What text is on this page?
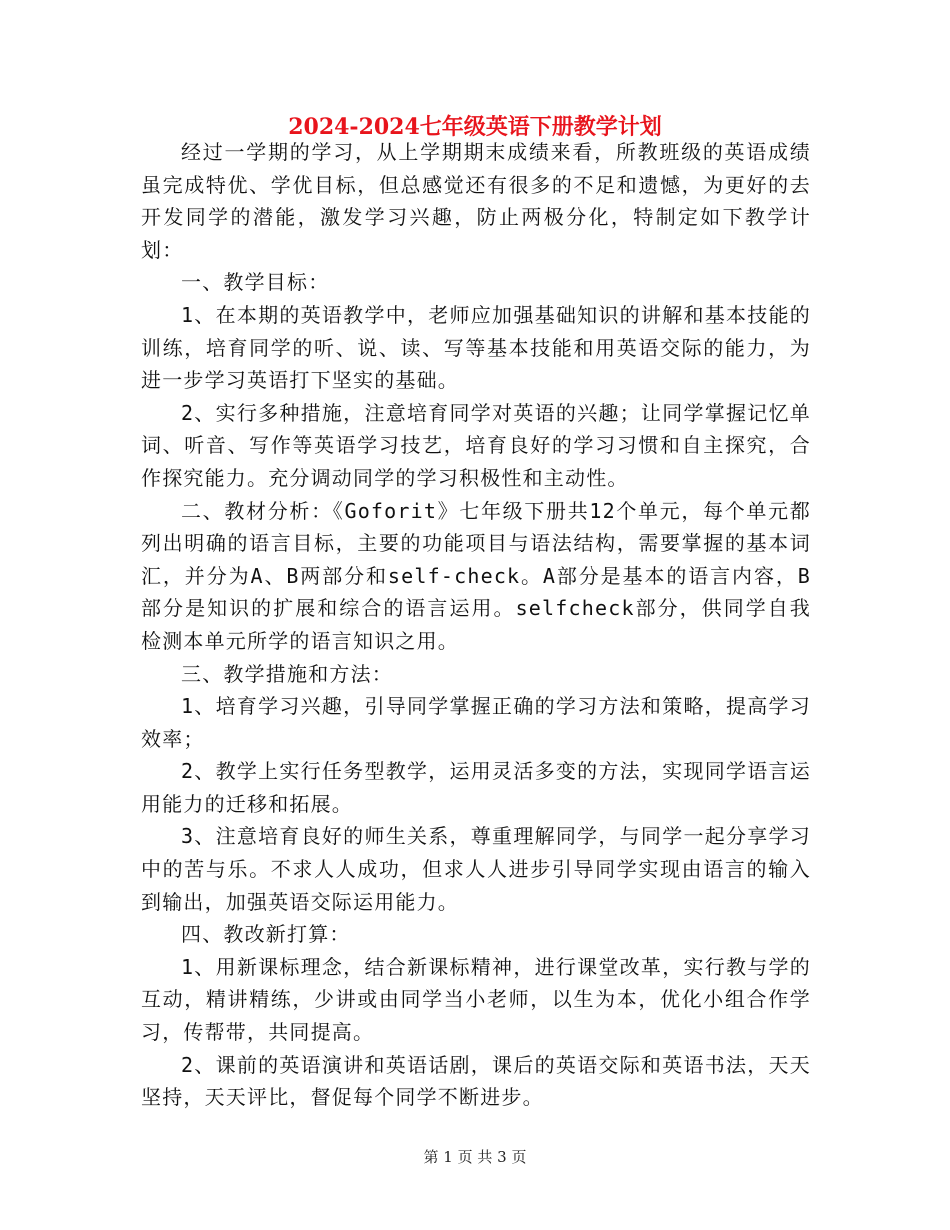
2024-2024七年级英语下册教学计划

经过一学期的学习，从上学期期末成绩来看，所教班级的英语成绩虽完成特优、学优目标，但总感觉还有很多的不足和遗憾，为更好的去开发同学的潜能，激发学习兴趣，防止两极分化，特制定如下教学计划：

一、教学目标：

1、在本期的英语教学中，老师应加强基础知识的讲解和基本技能的训练，培育同学的听、说、读、写等基本技能和用英语交际的能力，为进一步学习英语打下坚实的基础。

2、实行多种措施，注意培育同学对英语的兴趣；让同学掌握记忆单词、听音、写作等英语学习技艺，培育良好的学习习惯和自主探究，合作探究能力。充分调动同学的学习积极性和主动性。

二、教材分析：《Goforit》七年级下册共12个单元，每个单元都列出明确的语言目标，主要的功能项目与语法结构，需要掌握的基本词汇，并分为A、B两部分和self-check。A部分是基本的语言内容，B部分是知识的扩展和综合的语言运用。selfcheck部分，供同学自我检测本单元所学的语言知识之用。

三、教学措施和方法：

1、培育学习兴趣，引导同学掌握正确的学习方法和策略，提高学习效率；

2、教学上实行任务型教学，运用灵活多变的方法，实现同学语言运用能力的迁移和拓展。

3、注意培育良好的师生关系，尊重理解同学，与同学一起分享学习中的苦与乐。不求人人成功，但求人人进步引导同学实现由语言的输入到输出，加强英语交际运用能力。

四、教改新打算：

1、用新课标理念，结合新课标精神，进行课堂改革，实行教与学的互动，精讲精练，少讲或由同学当小老师，以生为本，优化小组合作学习，传帮带，共同提高。

2、课前的英语演讲和英语话剧，课后的英语交际和英语书法，天天坚持，天天评比，督促每个同学不断进步。

第 1 页 共 3 页
